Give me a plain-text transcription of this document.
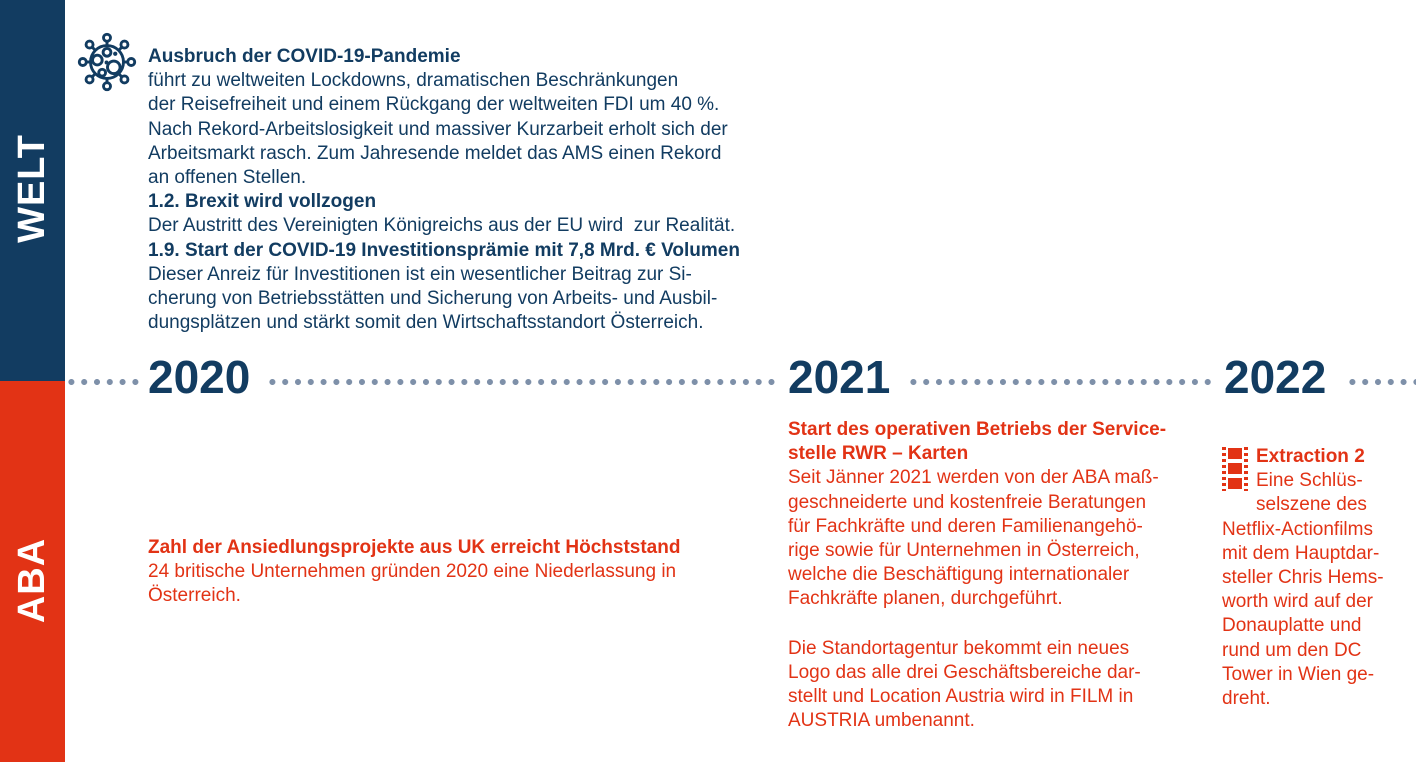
WELT
ABA
Ausbruch der COVID-19-Pandemie
führt zu weltweiten Lockdowns, dramatischen Beschränkungen
der Reisefreiheit und einem Rückgang der weltweiten FDI um 40 %.
Nach Rekord-Arbeitslosigkeit und massiver Kurzarbeit erholt sich der
Arbeitsmarkt rasch. Zum Jahresende meldet das AMS einen Rekord
an offenen Stellen.
1.2. Brexit wird vollzogen
Der Austritt des Vereinigten Königreichs aus der EU wird  zur Realität.
1.9. Start der COVID-19 Investitionsprämie mit 7,8 Mrd. € Volumen
Dieser Anreiz für Investitionen ist ein wesentlicher Beitrag zur Si-
cherung von Betriebsstätten und Sicherung von Arbeits- und Ausbil-
dungsplätzen und stärkt somit den Wirtschaftsstandort Österreich.
2020	2021	2022
Zahl der Ansiedlungsprojekte aus UK erreicht Höchststand
24 britische Unternehmen gründen 2020 eine Niederlassung in
Österreich.
Start des operativen Betriebs der Service-
stelle RWR – Karten
Seit Jänner 2021 werden von der ABA maß-
geschneiderte und kostenfreie Beratungen
für Fachkräfte und deren Familienangehö-
rige sowie für Unternehmen in Österreich,
welche die Beschäftigung internationaler
Fachkräfte planen, durchgeführt.
Die Standortagentur bekommt ein neues
Logo das alle drei Geschäftsbereiche dar-
stellt und Location Austria wird in FILM in
AUSTRIA umbenannt.
Extraction 2
Eine Schlüs-
selszene des
Netflix-Actionfilms
mit dem Hauptdar-
steller Chris Hems-
worth wird auf der
Donauplatte und
rund um den DC
Tower in Wien ge-
dreht.
